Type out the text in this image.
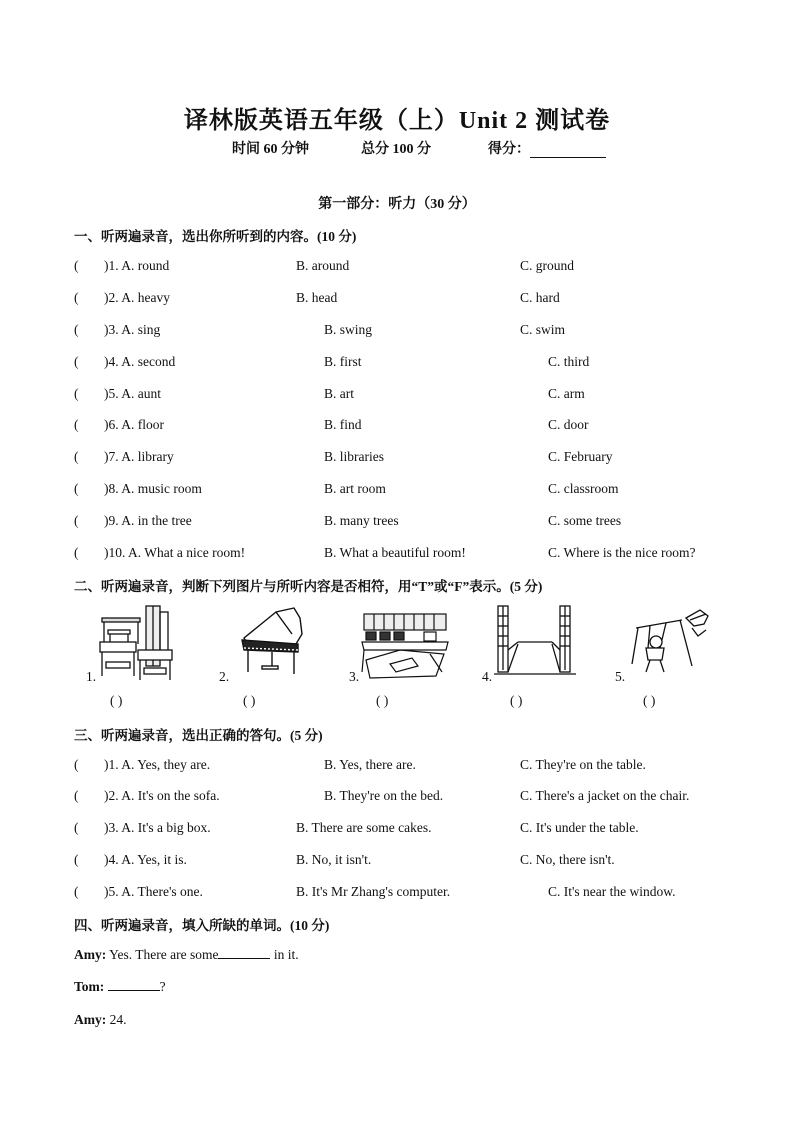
译林版英语五年级（上）Unit 2 测试卷
时间 60 分钟	总分 100 分	得分：
第一部分：听力（30 分）
一、听两遍录音，选出你所听到的内容。(10 分)
( )1. A. round	B. around	C. ground
( )2. A. heavy	B. head	C. hard
( )3. A. sing	B. swing	C. swim
( )4. A. second	B. first	C. third
( )5. A. aunt	B. art	C. arm
( )6. A. floor	B. find	C. door
( )7. A. library	B. libraries	C. February
( )8. A. music room	B. art room	C. classroom
( )9. A. in the tree	B. many trees	C. some trees
( )10. A. What a nice room!	B. What a beautiful room!	C. Where is the nice room?
二、听两遍录音，判断下列图片与所听内容是否相符，用“T”或“F”表示。(5 分)
1.
( )
2.
( )
3.
( )
4.
( )
5.
( )
三、听两遍录音，选出正确的答句。(5 分)
( )1. A. Yes, they are.	B. Yes, there are.	C. They're on the table.
( )2. A. It's on the sofa.	B. They're on the bed.	C. There's a jacket on the chair.
( )3. A. It's a big box.	B. There are some cakes.	C. It's under the table.
( )4. A. Yes, it is.	B. No, it isn't.	C. No, there isn't.
( )5. A. There's one.	B. It's Mr Zhang's computer.	C. It's near the window.
四、听两遍录音，填入所缺的单词。(10 分)
Amy: Yes. There are some	in it.
Tom:	?
Amy: 24.
